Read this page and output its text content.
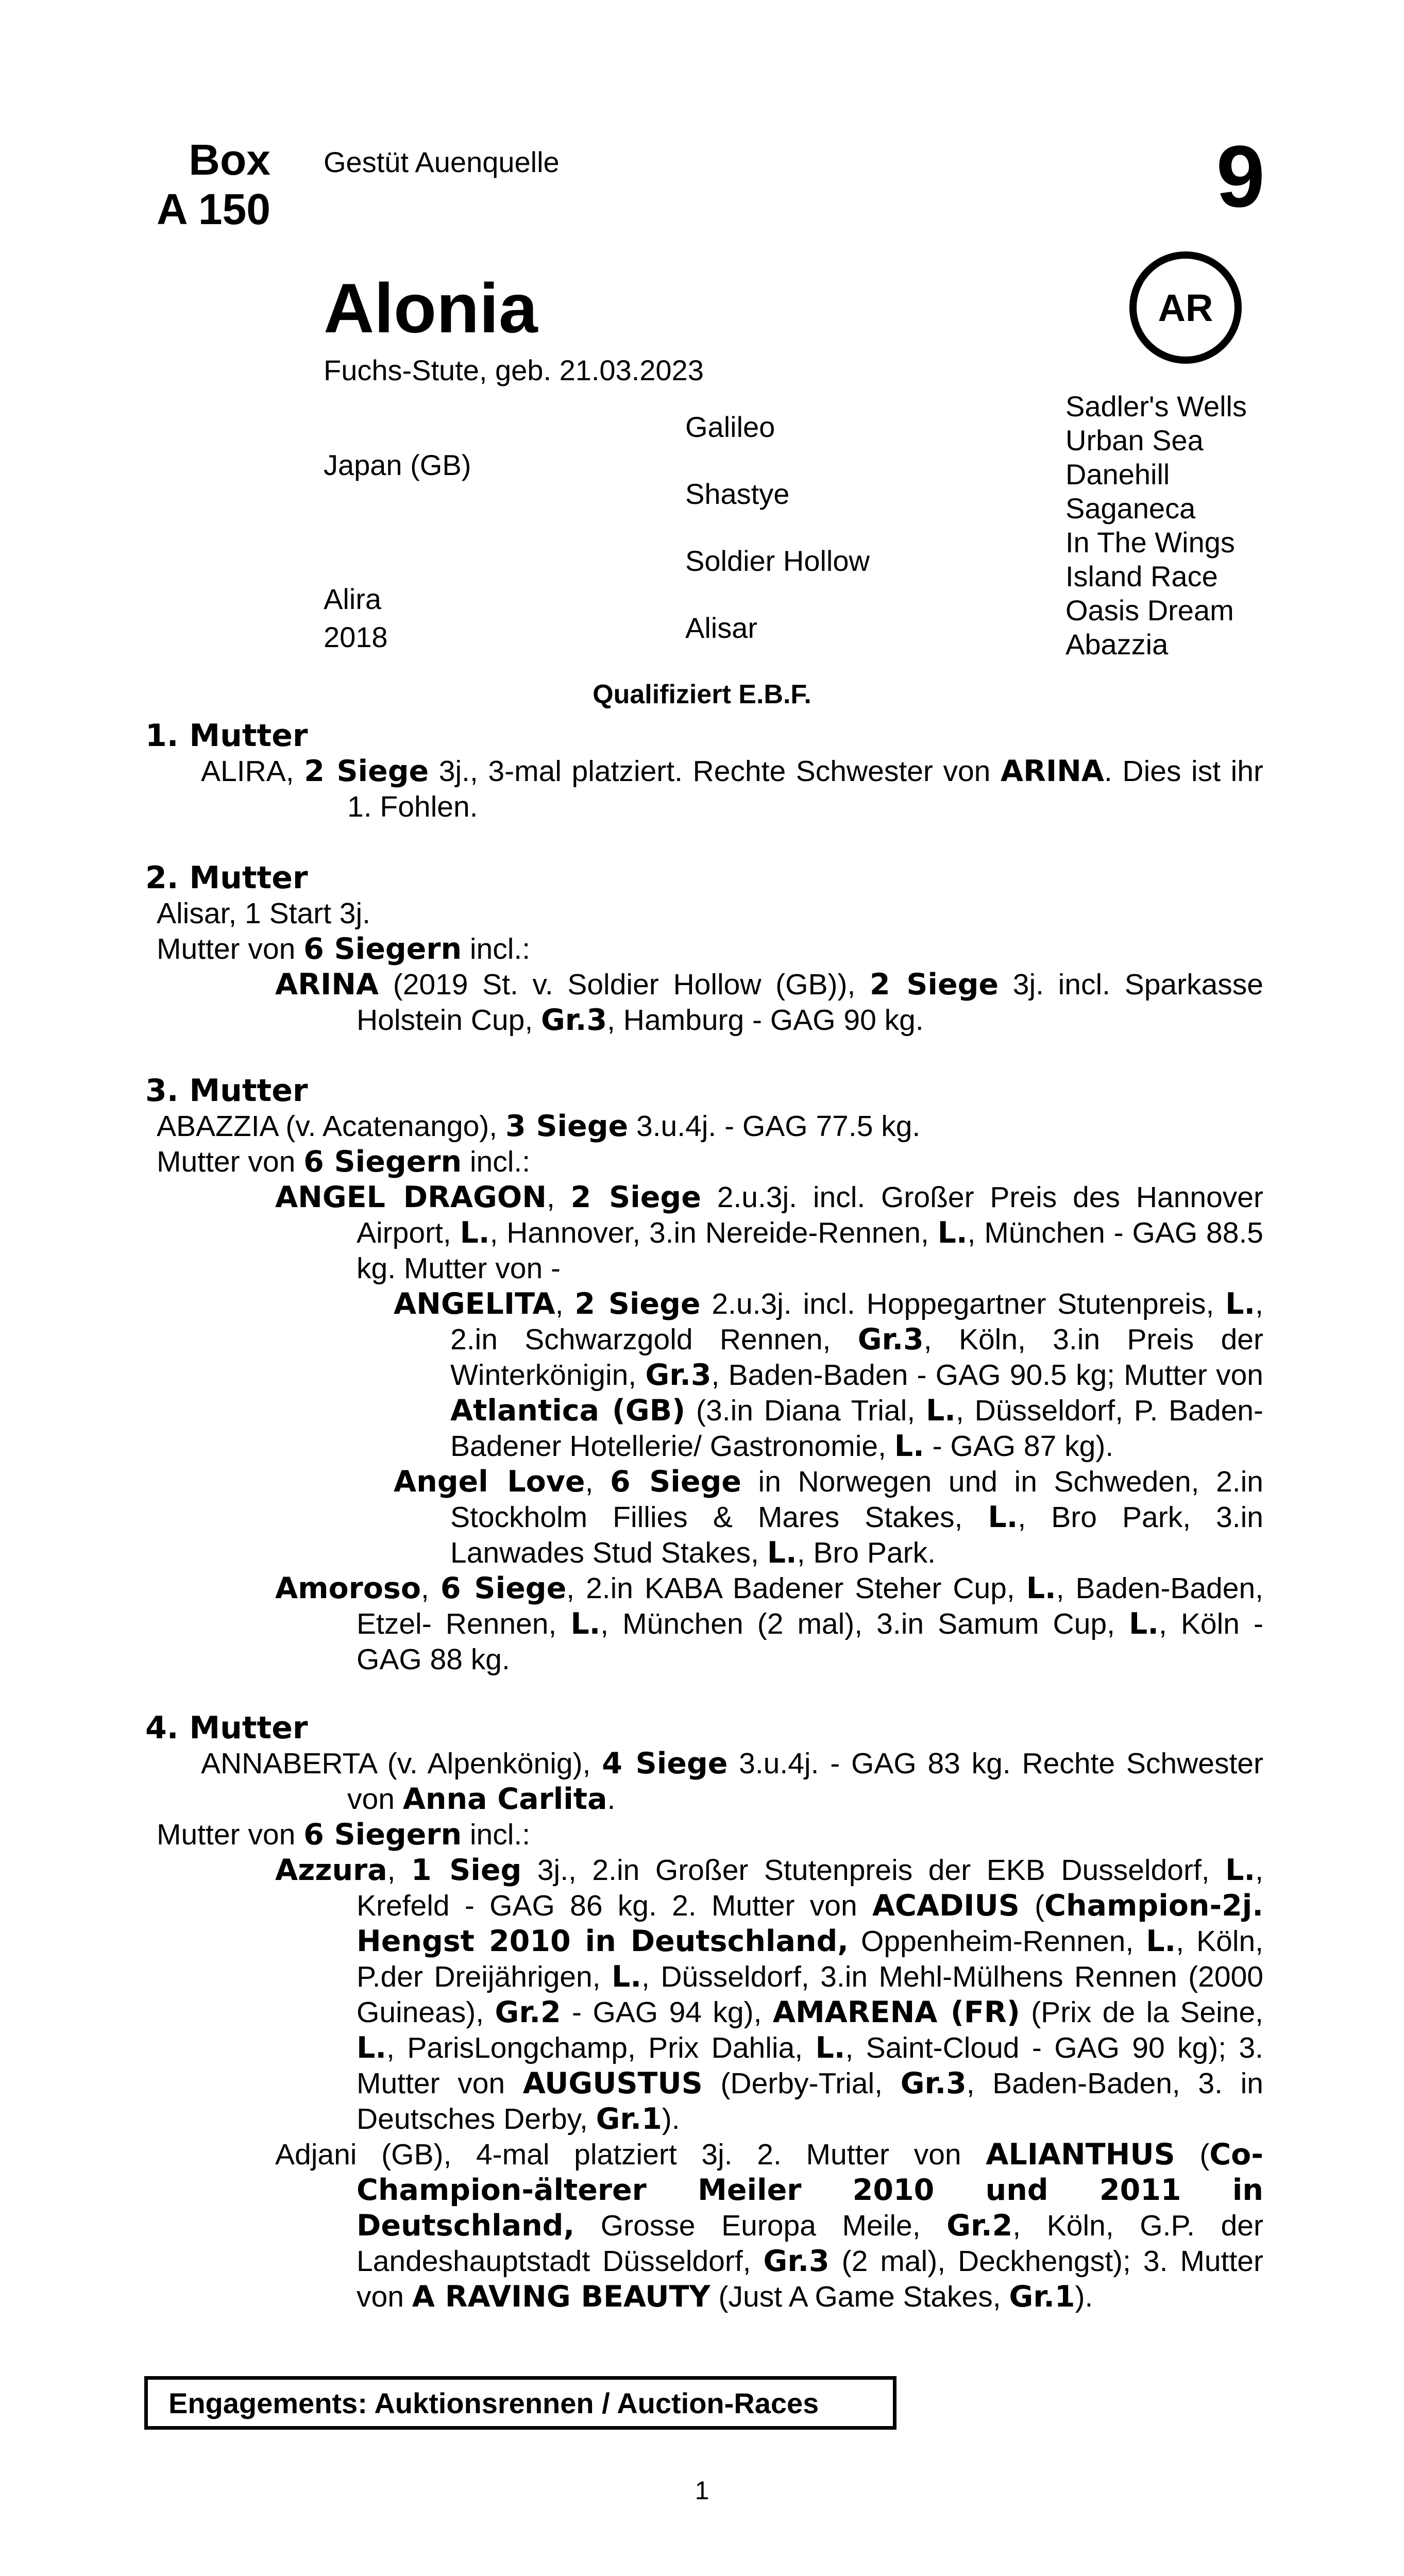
Box
A 150
Gestüt Auenquelle	9
AR
Alonia
Fuchs-Stute, geb. 21.03.2023
Japan (GB)
Alira
2018
Galileo
Shastye
Soldier Hollow
Alisar
Sadler's Wells
Urban Sea
Danehill
Saganeca
In The Wings
Island Race
Oasis Dream
Abazzia
Qualifiziert E.B.F.
1. Mutter

ALIRA, 2 Siege 3j., 3-mal platziert. Rechte Schwester von ARINA. Dies ist ihr 1. Fohlen.

2. Mutter

Alisar, 1 Start 3j.

Mutter von 6 Siegern incl.:

ARINA (2019 St. v. Soldier Hollow (GB)), 2 Siege 3j. incl. Sparkasse Holstein Cup, Gr.3, Hamburg - GAG 90 kg.

3. Mutter

ABAZZIA (v. Acatenango), 3 Siege 3.u.4j. - GAG 77.5 kg.

Mutter von 6 Siegern incl.:

ANGEL DRAGON, 2 Siege 2.u.3j. incl. Großer Preis des Hannover Airport, L., Hannover, 3.in Nereide-Rennen, L., München - GAG 88.5 kg. Mutter von -

ANGELITA, 2 Siege 2.u.3j. incl. Hoppegartner Stutenpreis, L., 2.in Schwarzgold Rennen, Gr.3, Köln, 3.in Preis der Winterkönigin, Gr.3, Baden-Baden - GAG 90.5 kg; Mutter von Atlantica (GB) (3.in Diana Trial, L., Düsseldorf, P. Baden-Badener Hotellerie/ Gastronomie, L. - GAG 87 kg).

Angel Love, 6 Siege in Norwegen und in Schweden, 2.in Stockholm Fillies & Mares Stakes, L., Bro Park, 3.in Lanwades Stud Stakes, L., Bro Park.

Amoroso, 6 Siege, 2.in KABA Badener Steher Cup, L., Baden-Baden, Etzel- Rennen, L., München (2 mal), 3.in Samum Cup, L., Köln - GAG 88 kg.

4. Mutter

ANNABERTA (v. Alpenkönig), 4 Siege 3.u.4j. - GAG 83 kg. Rechte Schwester von Anna Carlita.

Mutter von 6 Siegern incl.:

Azzura, 1 Sieg 3j., 2.in Großer Stutenpreis der EKB Dusseldorf, L., Krefeld - GAG 86 kg. 2. Mutter von ACADIUS (Champion-2j. Hengst 2010 in Deutschland, Oppenheim-Rennen, L., Köln, P.der Dreijährigen, L., Düsseldorf, 3.in Mehl-Mülhens Rennen (2000 Guineas), Gr.2 - GAG 94 kg), AMARENA (FR) (Prix de la Seine, L., ParisLongchamp, Prix Dahlia, L., Saint-Cloud - GAG 90 kg); 3. Mutter von AUGUSTUS (Derby-Trial, Gr.3, Baden-Baden, 3. in Deutsches Derby, Gr.1).

Adjani (GB), 4-mal platziert 3j. 2. Mutter von ALIANTHUS (Co-Champion-älterer Meiler 2010 und 2011 in Deutschland, Grosse Europa Meile, Gr.2, Köln, G.P. der Landeshauptstadt Düsseldorf, Gr.3 (2 mal), Deckhengst); 3. Mutter von A RAVING BEAUTY (Just A Game Stakes, Gr.1).

Engagements: Auktionsrennen / Auction-Races
1
